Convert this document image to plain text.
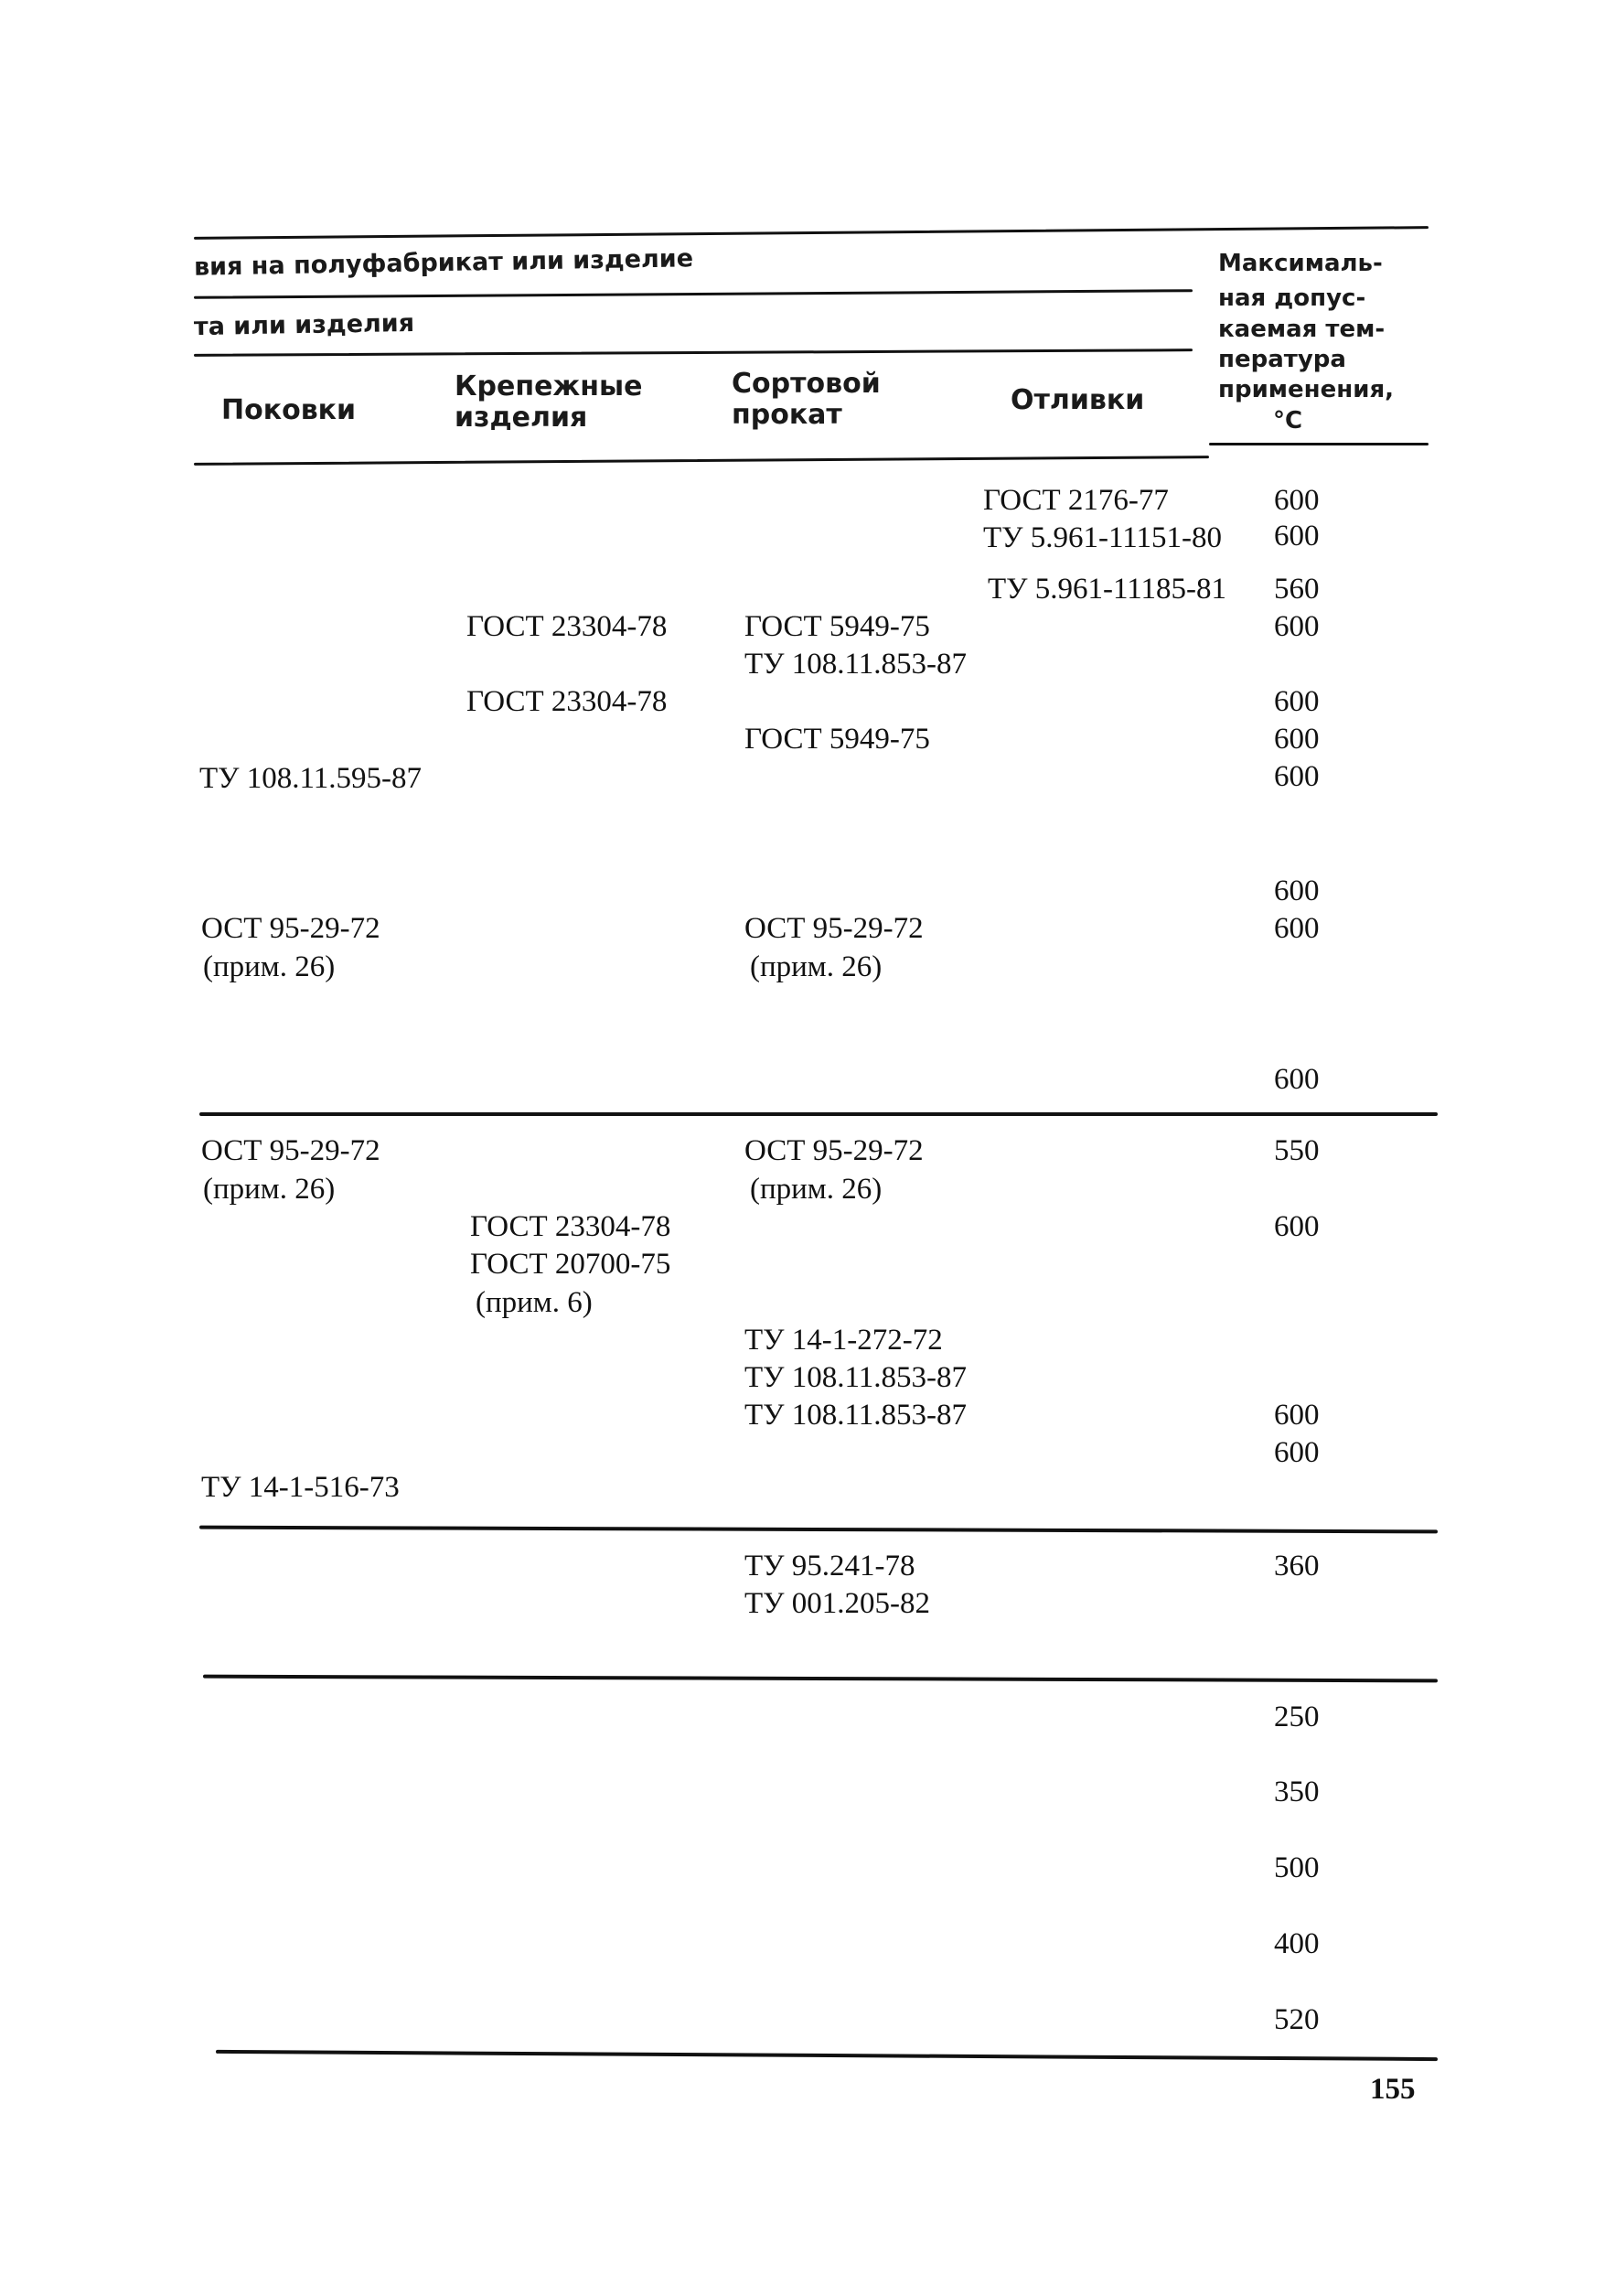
вия на полуфабрикат или изделие
та или изделия
Поковки
Крепежные
изделия
Сортовой
прокат	Отливки
Максималь-
ная допус-
каемая тем-
пература
применения,
°С
ГОСТ 2176-77
ТУ 5.961-11151-80
ТУ 5.961-11185-81
ГОСТ 23304-78
ГОСТ 23304-78
ГОСТ 5949-75
ТУ 108.11.853-87
ГОСТ 5949-75
ОСТ 95-29-72
(прим. 26)
ТУ 108.11.595-87
ОСТ 95-29-72
(прим. 26)
600
600
560
600
600
600
600
600
600
600
ОСТ 95-29-72
(прим. 26)
ОСТ 95-29-72
(прим. 26)
550
ГОСТ 23304-78
ГОСТ 20700-75
(прим. 6)
600
ТУ 14-1-272-72
ТУ 108.11.853-87
ТУ 108.11.853-87	600
600
ТУ 14-1-516-73
ТУ 95.241-78
ТУ 001.205-82
360
250
350
500
400
520
155
